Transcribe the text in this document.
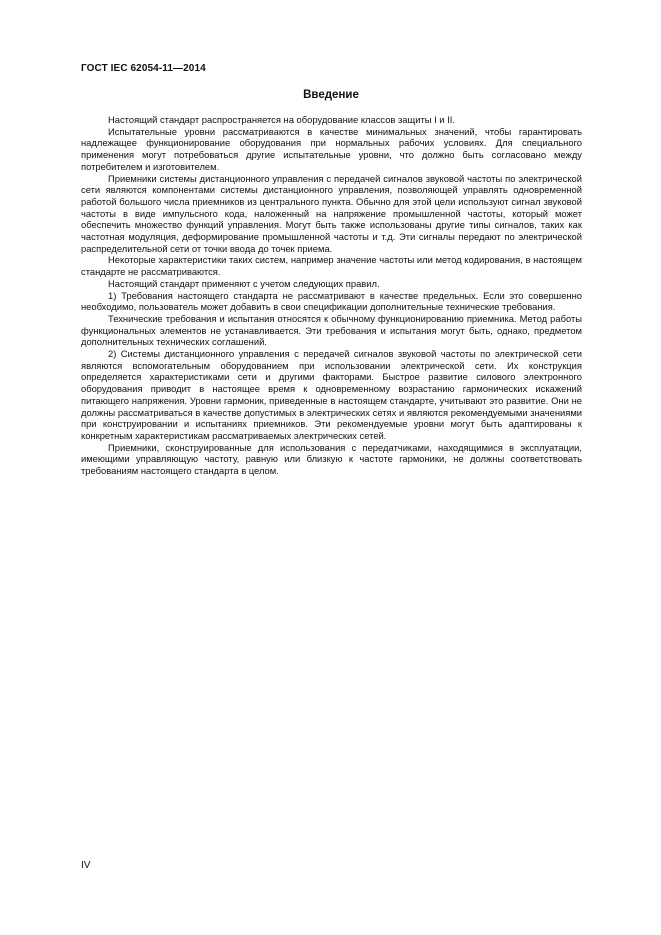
ГОСТ IEC 62054-11—2014
Введение

Настоящий стандарт распространяется на оборудование классов защиты I и II.

Испытательные уровни рассматриваются в качестве минимальных значений, чтобы гарантировать надлежащее функционирование оборудования при нормальных рабочих условиях. Для специального применения могут потребоваться другие испытательные уровни, что должно быть согласовано между потребителем и изготовителем.

Приемники системы дистанционного управления с передачей сигналов звуковой частоты по электрической сети являются компонентами системы дистанционного управления, позволяющей управлять одновременной работой большого числа приемников из центрального пункта. Обычно для этой цели используют сигнал звуковой частоты в виде импульсного кода, наложенный на напряжение промышленной частоты, который может обеспечить множество функций управления. Могут быть также использованы другие типы сигналов, таких как частотная модуляция, деформирование промышленной частоты и т.д. Эти сигналы передают по электрической распределительной сети от точки ввода до точек приема.

Некоторые характеристики таких систем, например значение частоты или метод кодирования, в настоящем стандарте не рассматриваются.

Настоящий стандарт применяют с учетом следующих правил.

1) Требования настоящего стандарта не рассматривают в качестве предельных. Если это совершенно необходимо, пользователь может добавить в свои спецификации дополнительные технические требования.

Технические требования и испытания относятся к обычному функционированию приемника. Метод работы функциональных элементов не устанавливается. Эти требования и испытания могут быть, однако, предметом дополнительных технических соглашений.

2) Системы дистанционного управления с передачей сигналов звуковой частоты по электрической сети являются вспомогательным оборудованием при использовании электрической сети. Их конструкция определяется характеристиками сети и другими факторами. Быстрое развитие силового электронного оборудования приводит в настоящее время к одновременному возрастанию гармонических искажений питающего напряжения. Уровни гармоник, приведенные в настоящем стандарте, учитывают это развитие. Они не должны рассматриваться в качестве допустимых в электрических сетях и являются рекомендуемыми значениями при конструировании и испытаниях приемников. Эти рекомендуемые уровни могут быть адаптированы к конкретным характеристикам рассматриваемых электрических сетей.

Приемники, сконструированные для использования с передатчиками, находящимися в эксплуатации, имеющими управляющую частоту, равную или близкую к частоте гармоники, не должны соответствовать требованиям настоящего стандарта в целом.

IV
